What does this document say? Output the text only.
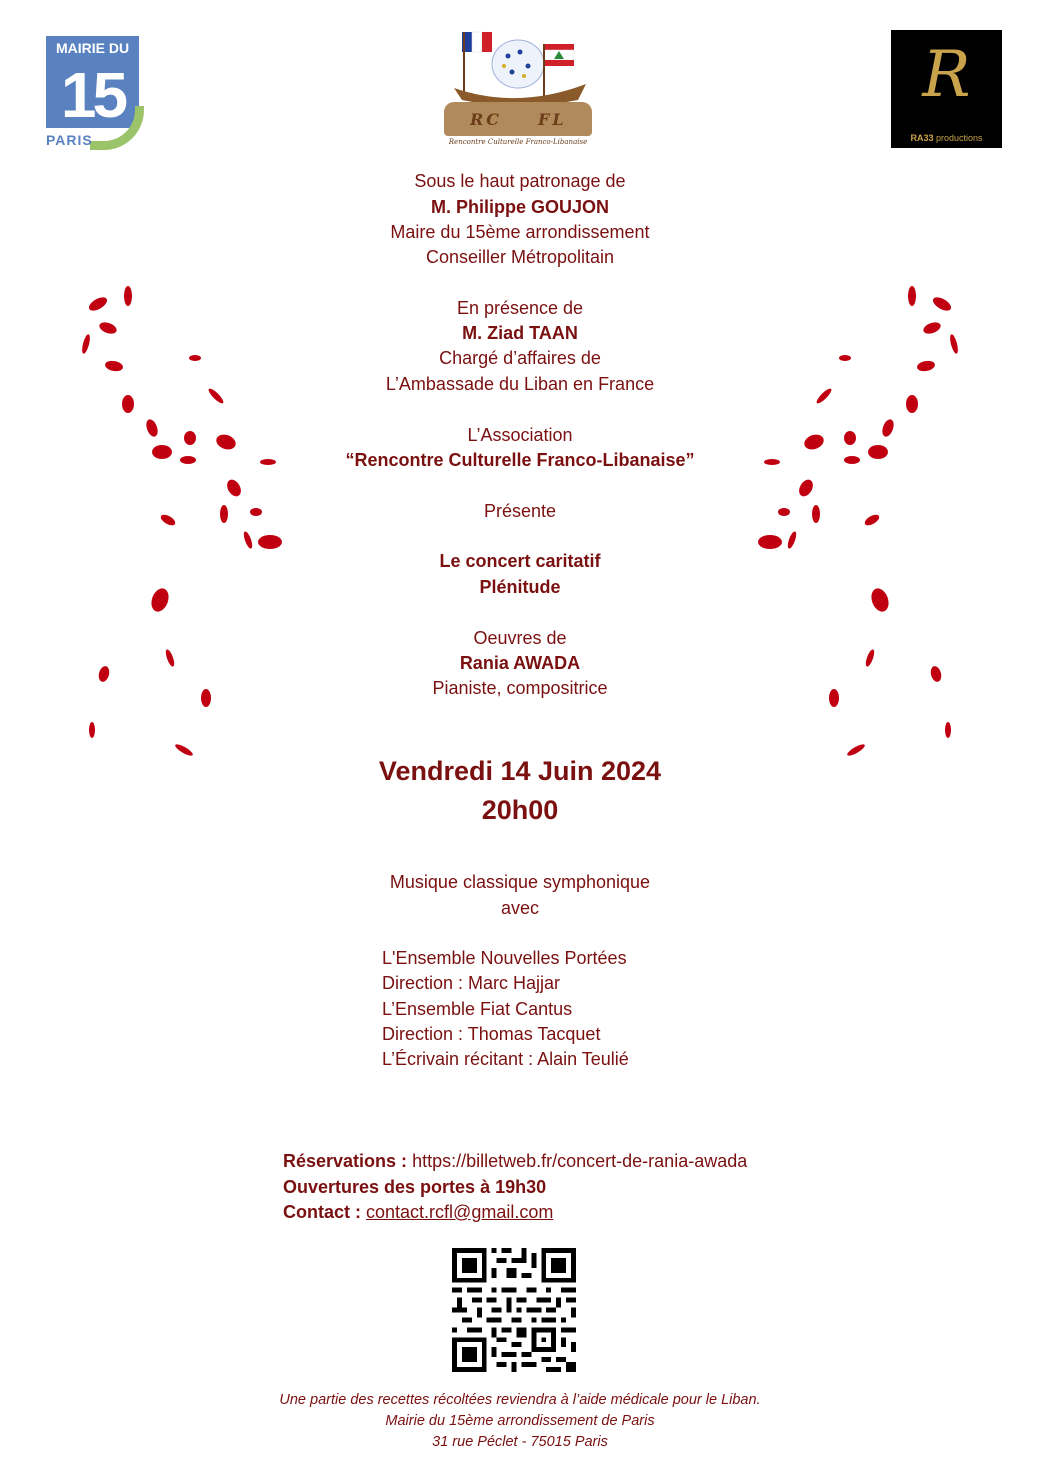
MAIRIE DU
15
PARIS
RC FL
Rencontre Culturelle Franco-Libanaise
R
RA33 productions
Sous le haut patronage de
M. Philippe GOUJON
Maire du 15ème arrondissement
Conseiller Métropolitain
En présence de
M. Ziad TAAN
Chargé d’affaires de
L’Ambassade du Liban en France
L’Association
“Rencontre Culturelle Franco-Libanaise”
Présente
Le concert caritatif
Plénitude
Oeuvres de
Rania AWADA
Pianiste, compositrice
Vendredi 14 Juin 2024
20h00
Musique classique symphonique
avec
L'Ensemble Nouvelles Portées
Direction : Marc Hajjar
L’Ensemble Fiat Cantus
Direction : Thomas Tacquet
L’Écrivain récitant : Alain Teulié
Réservations : https://billetweb.fr/concert-de-rania-awada
Ouvertures des portes à 19h30
Contact : contact.rcfl@gmail.com
Une partie des recettes récoltées reviendra à l’aide médicale pour le Liban.
Mairie du 15ème arrondissement de Paris
31 rue Péclet - 75015 Paris
